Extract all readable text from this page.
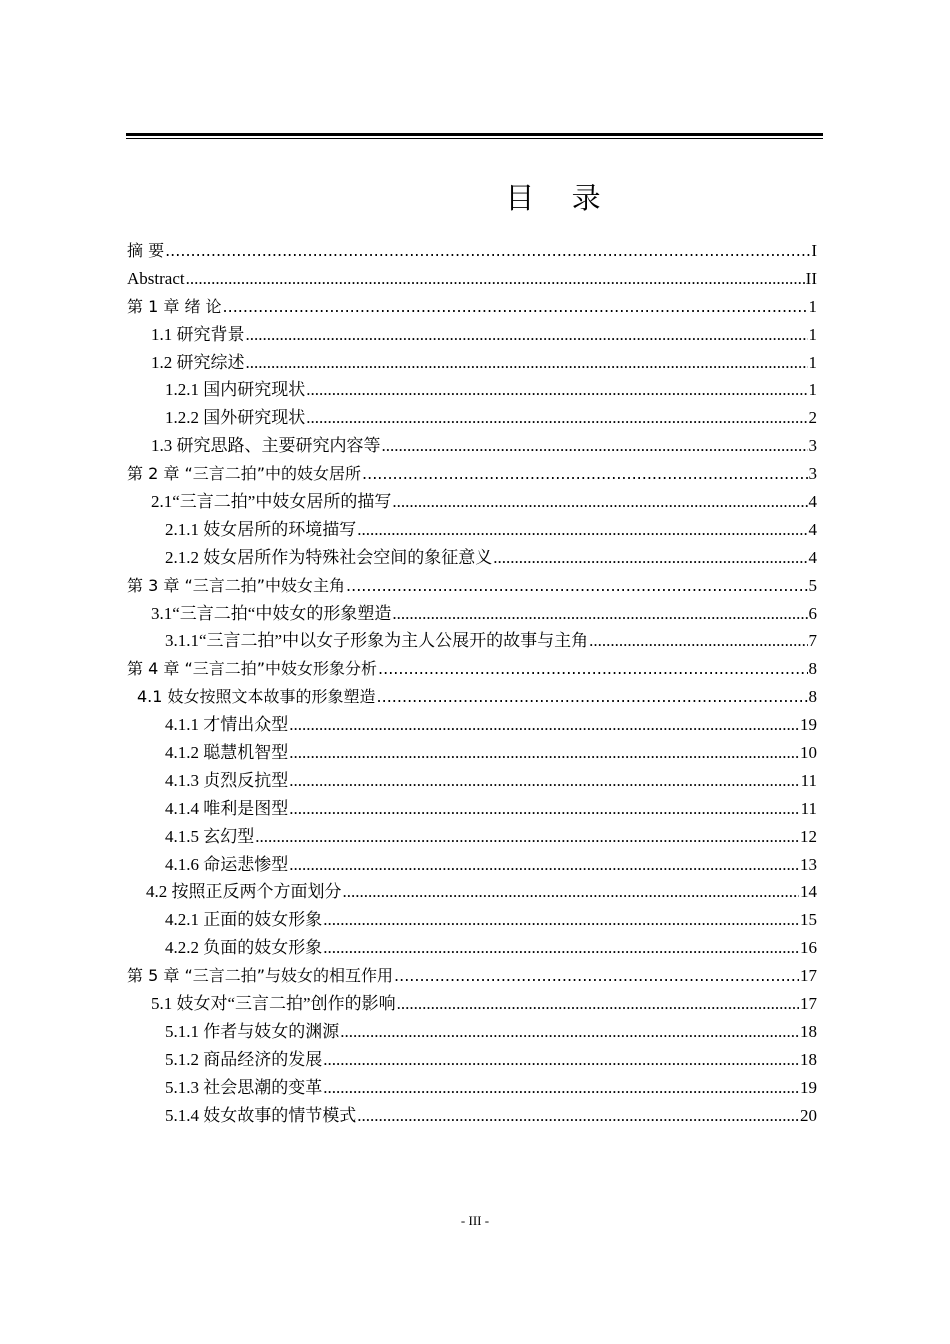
目 录
摘 要 .....	I
Abstract .....	II
第 1 章 绪 论 .....	1
1.1 研究背景 .....	1
1.2 研究综述 .....	1
1.2.1 国内研究现状 .....	1
1.2.2 国外研究现状 .....	2
1.3 研究思路、主要研究内容等 .....	3
第 2 章 “三言二拍”中的妓女居所 .....	3
2.1“三言二拍”中妓女居所的描写 .....	4
2.1.1 妓女居所的环境描写 .....	4
2.1.2 妓女居所作为特殊社会空间的象征意义 .....	4
第 3 章 “三言二拍”中妓女主角 .....	5
3.1“三言二拍“中妓女的形象塑造 .....	6
3.1.1“三言二拍”中以女子形象为主人公展开的故事与主角 .....	7
第 4 章 “三言二拍”中妓女形象分析 .....	8
4.1 妓女按照文本故事的形象塑造 .....	8
4.1.1 才情出众型 .....	19
4.1.2 聪慧机智型 .....	10
4.1.3 贞烈反抗型 .....	11
4.1.4 唯利是图型 .....	11
4.1.5 玄幻型 .....	12
4.1.6 命运悲惨型 .....	13
4.2 按照正反两个方面划分 .....	14
4.2.1 正面的妓女形象 .....	15
4.2.2 负面的妓女形象 .....	16
第 5 章 “三言二拍”与妓女的相互作用 .....	17
5.1 妓女对“三言二拍”创作的影响 .....	17
5.1.1 作者与妓女的渊源 .....	18
5.1.2 商品经济的发展 .....	18
5.1.3 社会思潮的变革 .....	19
5.1.4 妓女故事的情节模式 .....	20
- III -
